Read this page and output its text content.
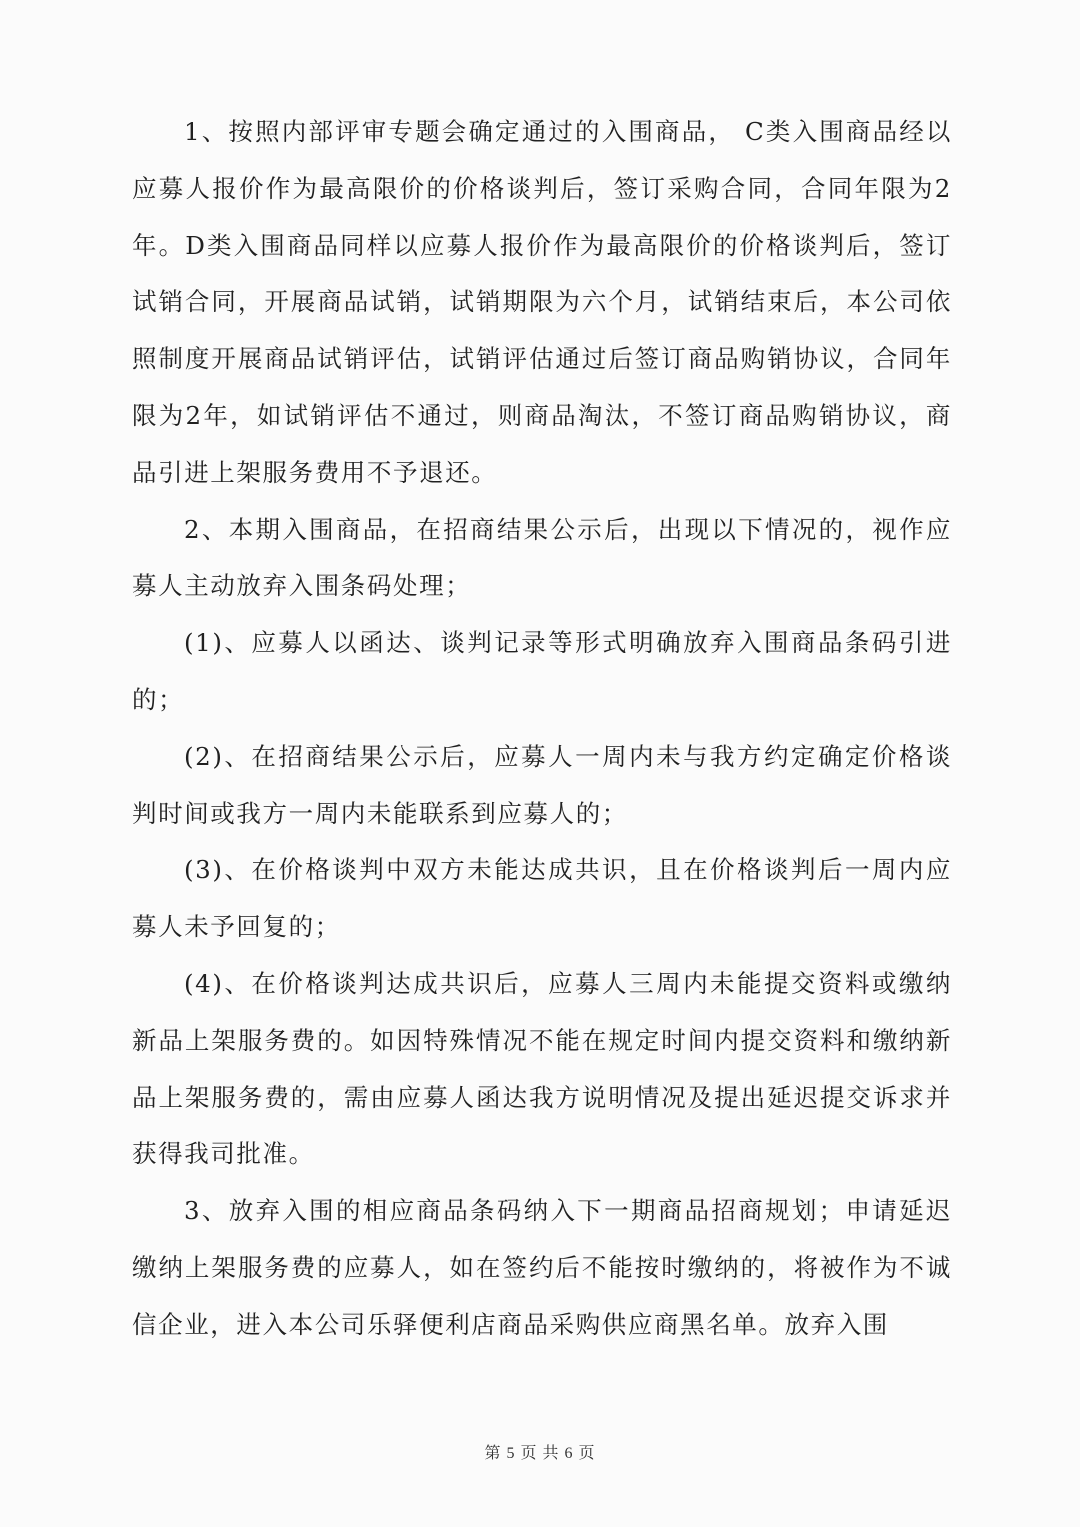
1、按照内部评审专题会确定通过的入围商品， C类入围商品经以应募人报价作为最高限价的价格谈判后，签订采购合同，合同年限为2年。D类入围商品同样以应募人报价作为最高限价的价格谈判后，签订试销合同，开展商品试销，试销期限为六个月，试销结束后，本公司依照制度开展商品试销评估，试销评估通过后签订商品购销协议，合同年限为2年，如试销评估不通过，则商品淘汰，不签订商品购销协议，商品引进上架服务费用不予退还。

2、本期入围商品，在招商结果公示后，出现以下情况的，视作应募人主动放弃入围条码处理；

(1)、应募人以函达、谈判记录等形式明确放弃入围商品条码引进的；

(2)、在招商结果公示后，应募人一周内未与我方约定确定价格谈判时间或我方一周内未能联系到应募人的；

(3)、在价格谈判中双方未能达成共识，且在价格谈判后一周内应募人未予回复的；

(4)、在价格谈判达成共识后，应募人三周内未能提交资料或缴纳新品上架服务费的。如因特殊情况不能在规定时间内提交资料和缴纳新品上架服务费的，需由应募人函达我方说明情况及提出延迟提交诉求并获得我司批准。

3、放弃入围的相应商品条码纳入下一期商品招商规划；申请延迟缴纳上架服务费的应募人，如在签约后不能按时缴纳的，将被作为不诚信企业，进入本公司乐驿便利店商品采购供应商黑名单。放弃入围

第 5 页 共 6 页
